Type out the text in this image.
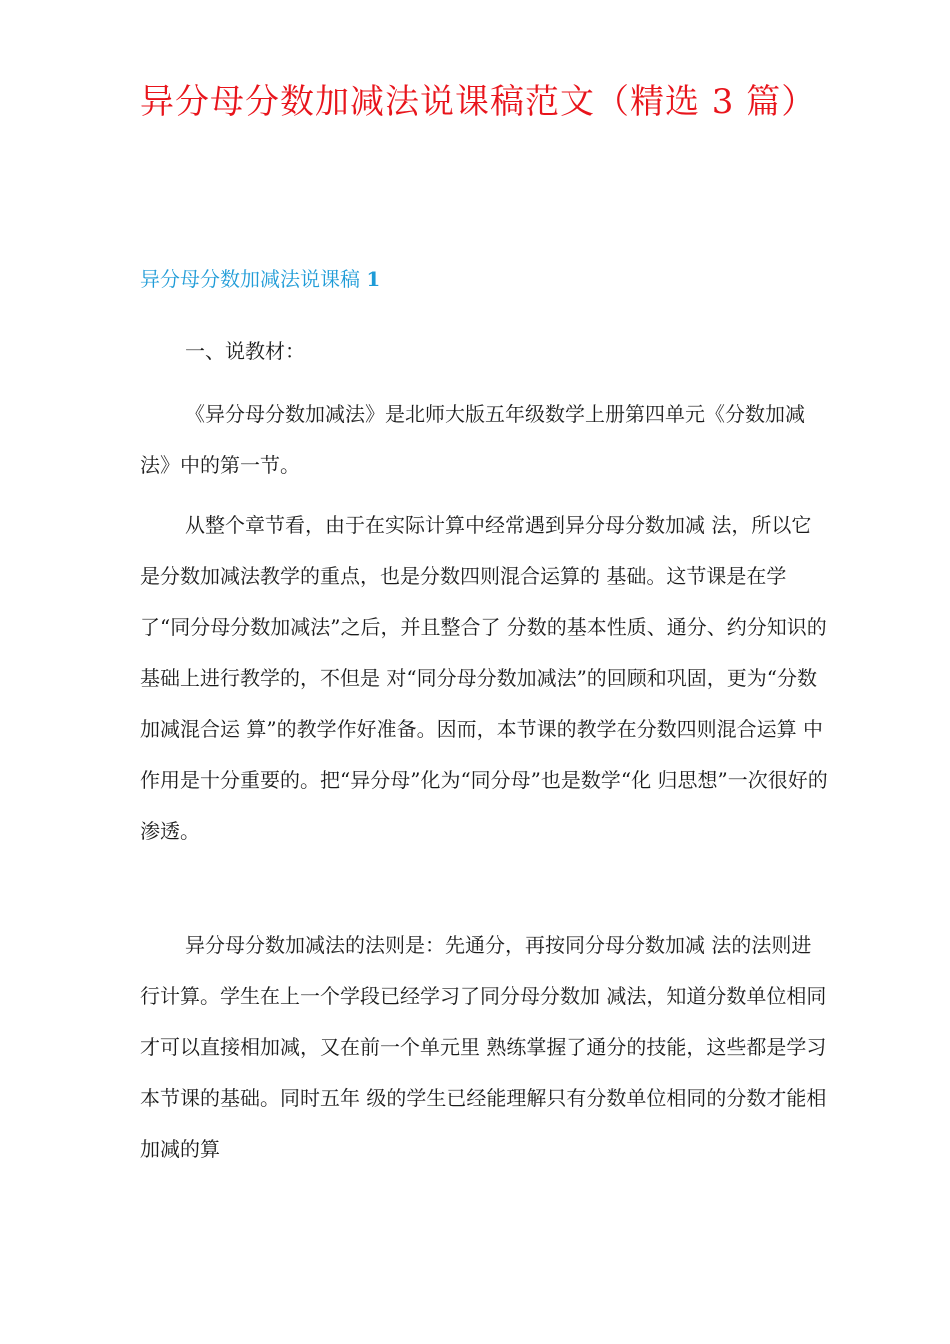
异分母分数加减法说课稿范文（精选 3 篇）
异分母分数加减法说课稿 1
一、说教材：

《异分母分数加减法》是北师大版五年级数学上册第四单元《分数加减法》中的第一节。

从整个章节看，由于在实际计算中经常遇到异分母分数加减 法，所以它是分数加减法教学的重点，也是分数四则混合运算的 基础。这节课是在学了“同分母分数加减法”之后，并且整合了 分数的基本性质、通分、约分知识的基础上进行教学的，不但是 对“同分母分数加减法”的回顾和巩固，更为“分数加减混合运 算”的教学作好准备。因而，本节课的教学在分数四则混合运算 中作用是十分重要的。把“异分母”化为“同分母”也是数学“化 归思想”一次很好的渗透。

异分母分数加减法的法则是：先通分，再按同分母分数加减 法的法则进行计算。学生在上一个学段已经学习了同分母分数加 减法，知道分数单位相同才可以直接相加减，又在前一个单元里 熟练掌握了通分的技能，这些都是学习本节课的基础。同时五年 级的学生已经能理解只有分数单位相同的分数才能相加减的算
